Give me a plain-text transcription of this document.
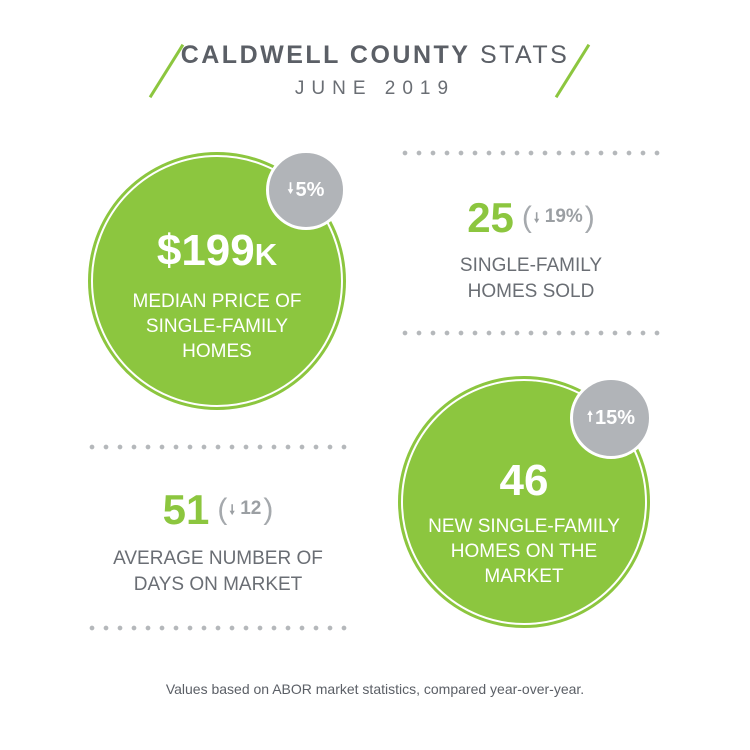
CALDWELL COUNTY STATS
JUNE 2019
🠗 5%
$199K
MEDIAN PRICE OF
SINGLE-FAMILY
HOMES
25 ( 🠗 19% )
SINGLE-FAMILY
HOMES SOLD
51 ( 🠗 12 )
AVERAGE NUMBER OF
DAYS ON MARKET
🠕 15%
46
NEW SINGLE-FAMILY
HOMES ON THE
MARKET
Values based on ABOR market statistics, compared year-over-year.
